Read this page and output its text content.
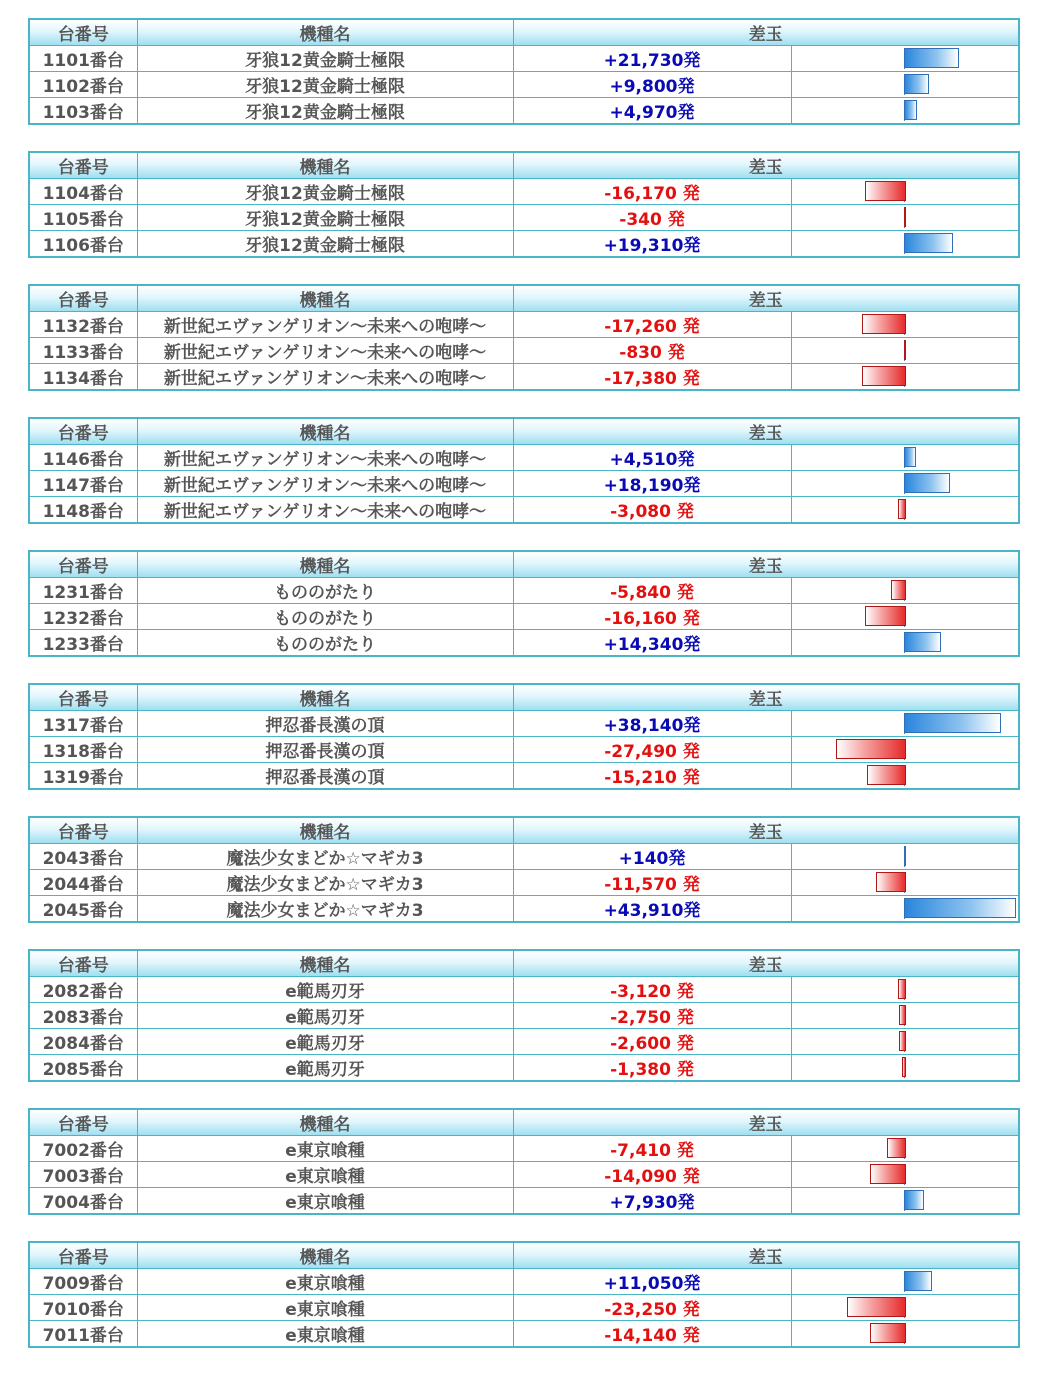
台番号	機種名	差玉	
1101番台	牙狼12黄金騎士極限	+21,730発	

1102番台	牙狼12黄金騎士極限	+9,800発	

1103番台	牙狼12黄金騎士極限	+4,970発	
台番号	機種名	差玉	
1104番台	牙狼12黄金騎士極限	-16,170 発	

1105番台	牙狼12黄金騎士極限	-340 発	

1106番台	牙狼12黄金騎士極限	+19,310発	
台番号	機種名	差玉	
1132番台	新世紀エヴァンゲリオン～未来への咆哮～	-17,260 発	

1133番台	新世紀エヴァンゲリオン～未来への咆哮～	-830 発	

1134番台	新世紀エヴァンゲリオン～未来への咆哮～	-17,380 発	
台番号	機種名	差玉	
1146番台	新世紀エヴァンゲリオン～未来への咆哮～	+4,510発	

1147番台	新世紀エヴァンゲリオン～未来への咆哮～	+18,190発	

1148番台	新世紀エヴァンゲリオン～未来への咆哮～	-3,080 発	
台番号	機種名	差玉	
1231番台	もののがたり	-5,840 発	

1232番台	もののがたり	-16,160 発	

1233番台	もののがたり	+14,340発	
台番号	機種名	差玉	
1317番台	押忍番長漢の頂	+38,140発	

1318番台	押忍番長漢の頂	-27,490 発	

1319番台	押忍番長漢の頂	-15,210 発	
台番号	機種名	差玉	
2043番台	魔法少女まどか☆マギカ3	+140発	

2044番台	魔法少女まどか☆マギカ3	-11,570 発	

2045番台	魔法少女まどか☆マギカ3	+43,910発	
台番号	機種名	差玉	
2082番台	e範馬刃牙	-3,120 発	

2083番台	e範馬刃牙	-2,750 発	

2084番台	e範馬刃牙	-2,600 発	

2085番台	e範馬刃牙	-1,380 発	
台番号	機種名	差玉	
7002番台	e東京喰種	-7,410 発	

7003番台	e東京喰種	-14,090 発	

7004番台	e東京喰種	+7,930発	
台番号	機種名	差玉	
7009番台	e東京喰種	+11,050発	

7010番台	e東京喰種	-23,250 発	

7011番台	e東京喰種	-14,140 発	
